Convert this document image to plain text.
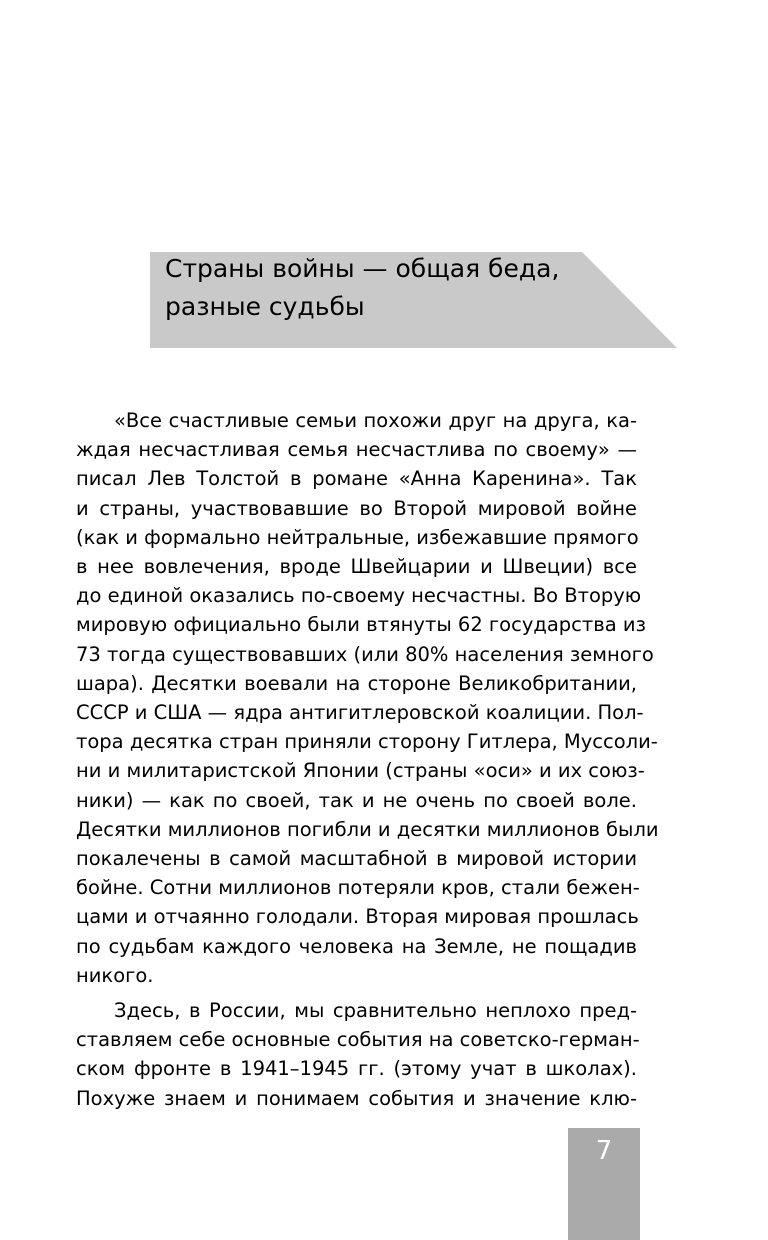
Страны войны — общая беда,
разные судьбы

«Все счастливые семьи похожи друг на друга, ка-
ждая несчастливая семья несчастлива по своему» —
писал Лев Толстой в романе «Анна Каренина». Так
и страны, участвовавшие во Второй мировой войне
(как и формально нейтральные, избежавшие прямого
в нее вовлечения, вроде Швейцарии и Швеции) все
до единой оказались по-своему несчастны. Во Вторую
мировую официально были втянуты 62 государства из
73 тогда существовавших (или 80% населения земного
шара). Десятки воевали на стороне Великобритании,
СССР и США — ядра антигитлеровской коалиции. Пол-
тора десятка стран приняли сторону Гитлера, Муссоли-
ни и милитаристской Японии (страны «оси» и их союз-
ники) — как по своей, так и не очень по своей воле.
Десятки миллионов погибли и десятки миллионов были
покалечены в самой масштабной в мировой истории
бойне. Сотни миллионов потеряли кров, стали бежен-
цами и отчаянно голодали. Вторая мировая прошлась
по судьбам каждого человека на Земле, не пощадив
никого.

Здесь, в России, мы сравнительно неплохо пред-
ставляем себе основные события на советско-герман-
ском фронте в 1941–1945 гг. (этому учат в школах).
Похуже знаем и понимаем события и значение клю-

7
